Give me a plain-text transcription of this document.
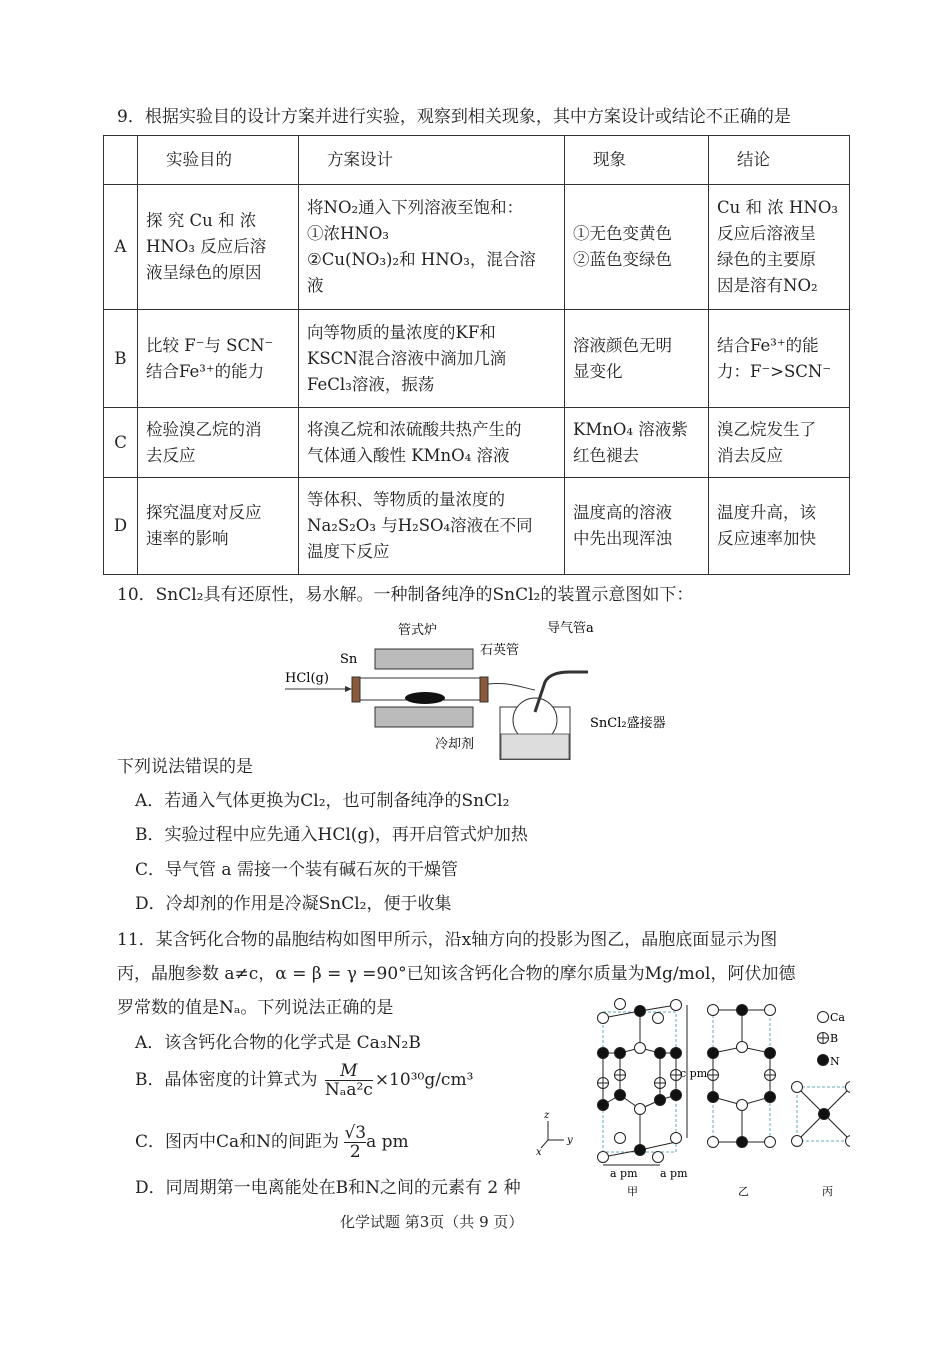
9．根据实验目的设计方案并进行实验，观察到相关现象，其中方案设计或结论不正确的是
	实验目的	方案设计	现象	结论
A	探 究 Cu 和 浓
HNO₃ 反应后溶
液呈绿色的原因	将NO₂通入下列溶液至饱和：
①浓HNO₃
②Cu(NO₃)₂和 HNO₃，混合溶
液	①无色变黄色
②蓝色变绿色	Cu 和 浓 HNO₃
反应后溶液呈
绿色的主要原
因是溶有NO₂

B	比较 F⁻与 SCN⁻
结合Fe³⁺的能力	向等物质的量浓度的KF和
KSCN混合溶液中滴加几滴
FeCl₃溶液，振荡	溶液颜色无明
显变化	结合Fe³⁺的能
力：F⁻>SCN⁻

C	检验溴乙烷的消
去反应	将溴乙烷和浓硫酸共热产生的
气体通入酸性 KMnO₄ 溶液	KMnO₄ 溶液紫
红色褪去	溴乙烷发生了
消去反应

D	探究温度对反应
速率的影响	等体积、等物质的量浓度的
Na₂S₂O₃ 与H₂SO₄溶液在不同
温度下反应	温度高的溶液
中先出现浑浊	温度升高，该
反应速率加快
10．SnCl₂具有还原性，易水解。一种制备纯净的SnCl₂的装置示意图如下：
管式炉	导气管a
石英管
Sn
HCl(g)
SnCl₂盛接器
冷却剂
下列说法错误的是
A．若通入气体更换为Cl₂，也可制备纯净的SnCl₂
B．实验过程中应先通入HCl(g)，再开启管式炉加热
C．导气管 a 需接一个装有碱石灰的干燥管
D．冷却剂的作用是冷凝SnCl₂，便于收集
11．某含钙化合物的晶胞结构如图甲所示，沿x轴方向的投影为图乙，晶胞底面显示为图
丙，晶胞参数 a≠c，α = β = γ =90°已知该含钙化合物的摩尔质量为Mg/mol，阿伏加德
罗常数的值是Nₐ。下列说法正确的是
A．该含钙化合物的化学式是 Ca₃N₂B
B．晶体密度的计算式为	M
Nₐa²c ×10³⁰g/cm³
C．图丙中Ca和N的间距为 $\frac{√3}{2}$ a pm
D．同周期第一电离能处在B和N之间的元素有 2 种
c pm
a pm a pm
Ca
B
N
甲	乙	丙
z
y
x
化学试题 第3页（共 9 页）
